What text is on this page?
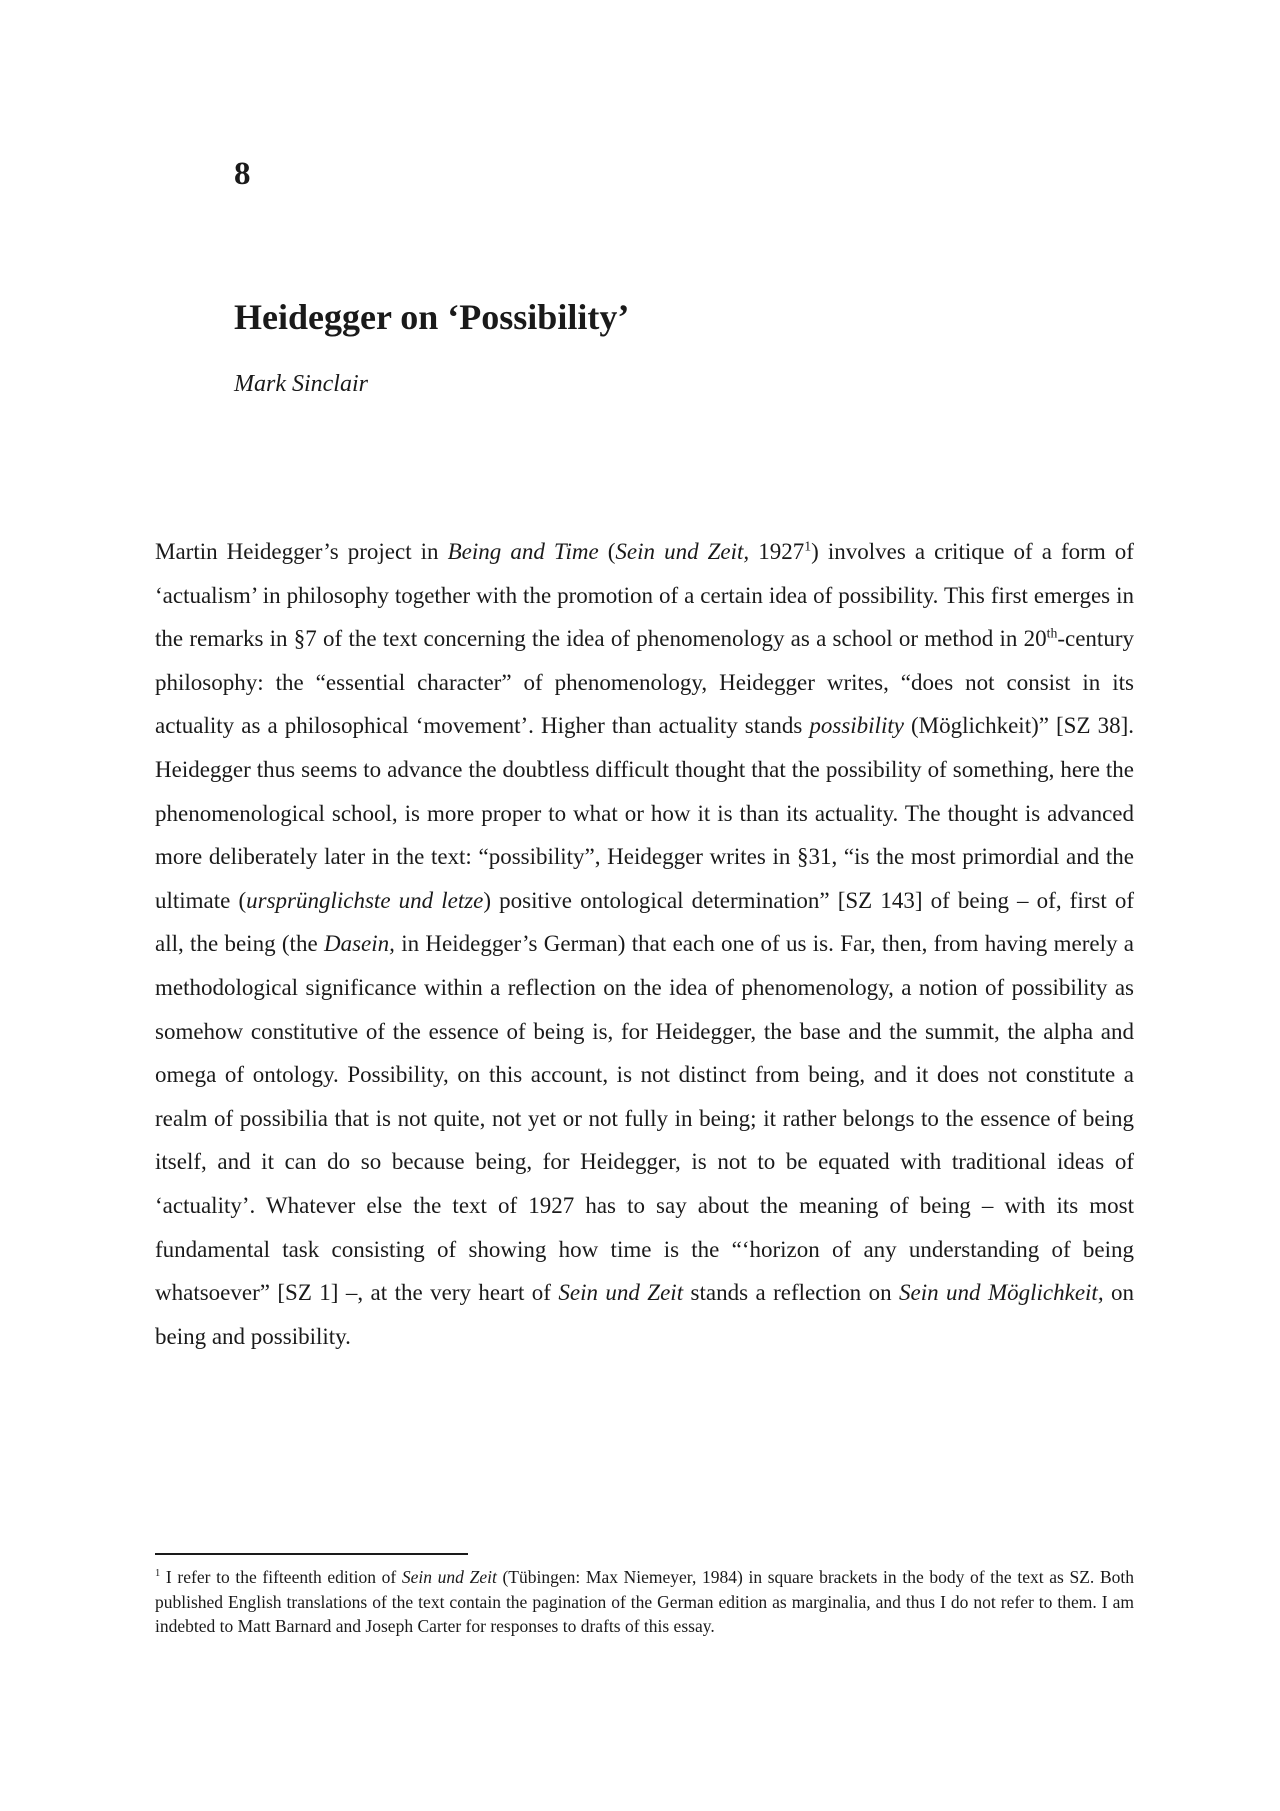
8
Heidegger on ‘Possibility’
Mark Sinclair

Martin Heidegger’s project in Being and Time (Sein und Zeit, 1927$^1$) involves a critique of a form of ‘actualism’ in philosophy together with the promotion of a certain idea of possibility. This first emerges in the remarks in §7 of the text concerning the idea of phenomenology as a school or method in 20th-century philosophy: the “essential character” of phenomenology, Heidegger writes, “does not consist in its actuality as a philosophical ‘movement’. Higher than actuality stands possibility (Möglichkeit)” [SZ 38]. Heidegger thus seems to advance the doubtless difficult thought that the possibility of something, here the phenomenological school, is more proper to what or how it is than its actuality. The thought is advanced more deliberately later in the text: “possibility”, Heidegger writes in §31, “is the most primordial and the ultimate (ursprünglichste und letze) positive ontological determination” [SZ 143] of being – of, first of all, the being (the Dasein, in Heidegger’s German) that each one of us is. Far, then, from having merely a methodological significance within a reflection on the idea of phenomenology, a notion of possibility as somehow constitutive of the essence of being is, for Heidegger, the base and the summit, the alpha and omega of ontology. Possibility, on this account, is not distinct from being, and it does not constitute a realm of possibilia that is not quite, not yet or not fully in being; it rather belongs to the essence of being itself, and it can do so because being, for Heidegger, is not to be equated with traditional ideas of ‘actuality’. Whatever else the text of 1927 has to say about the meaning of being – with its most fundamental task consisting of showing how time is the “‘horizon of any understanding of being whatsoever” [SZ 1] –, at the very heart of Sein und Zeit stands a reflection on Sein und Möglichkeit, on being and possibility.

$^1$ I refer to the fifteenth edition of Sein und Zeit (Tübingen: Max Niemeyer, 1984) in square brackets in the body of the text as SZ. Both published English translations of the text contain the pagination of the German edition as marginalia, and thus I do not refer to them. I am indebted to Matt Barnard and Joseph Carter for responses to drafts of this essay.
